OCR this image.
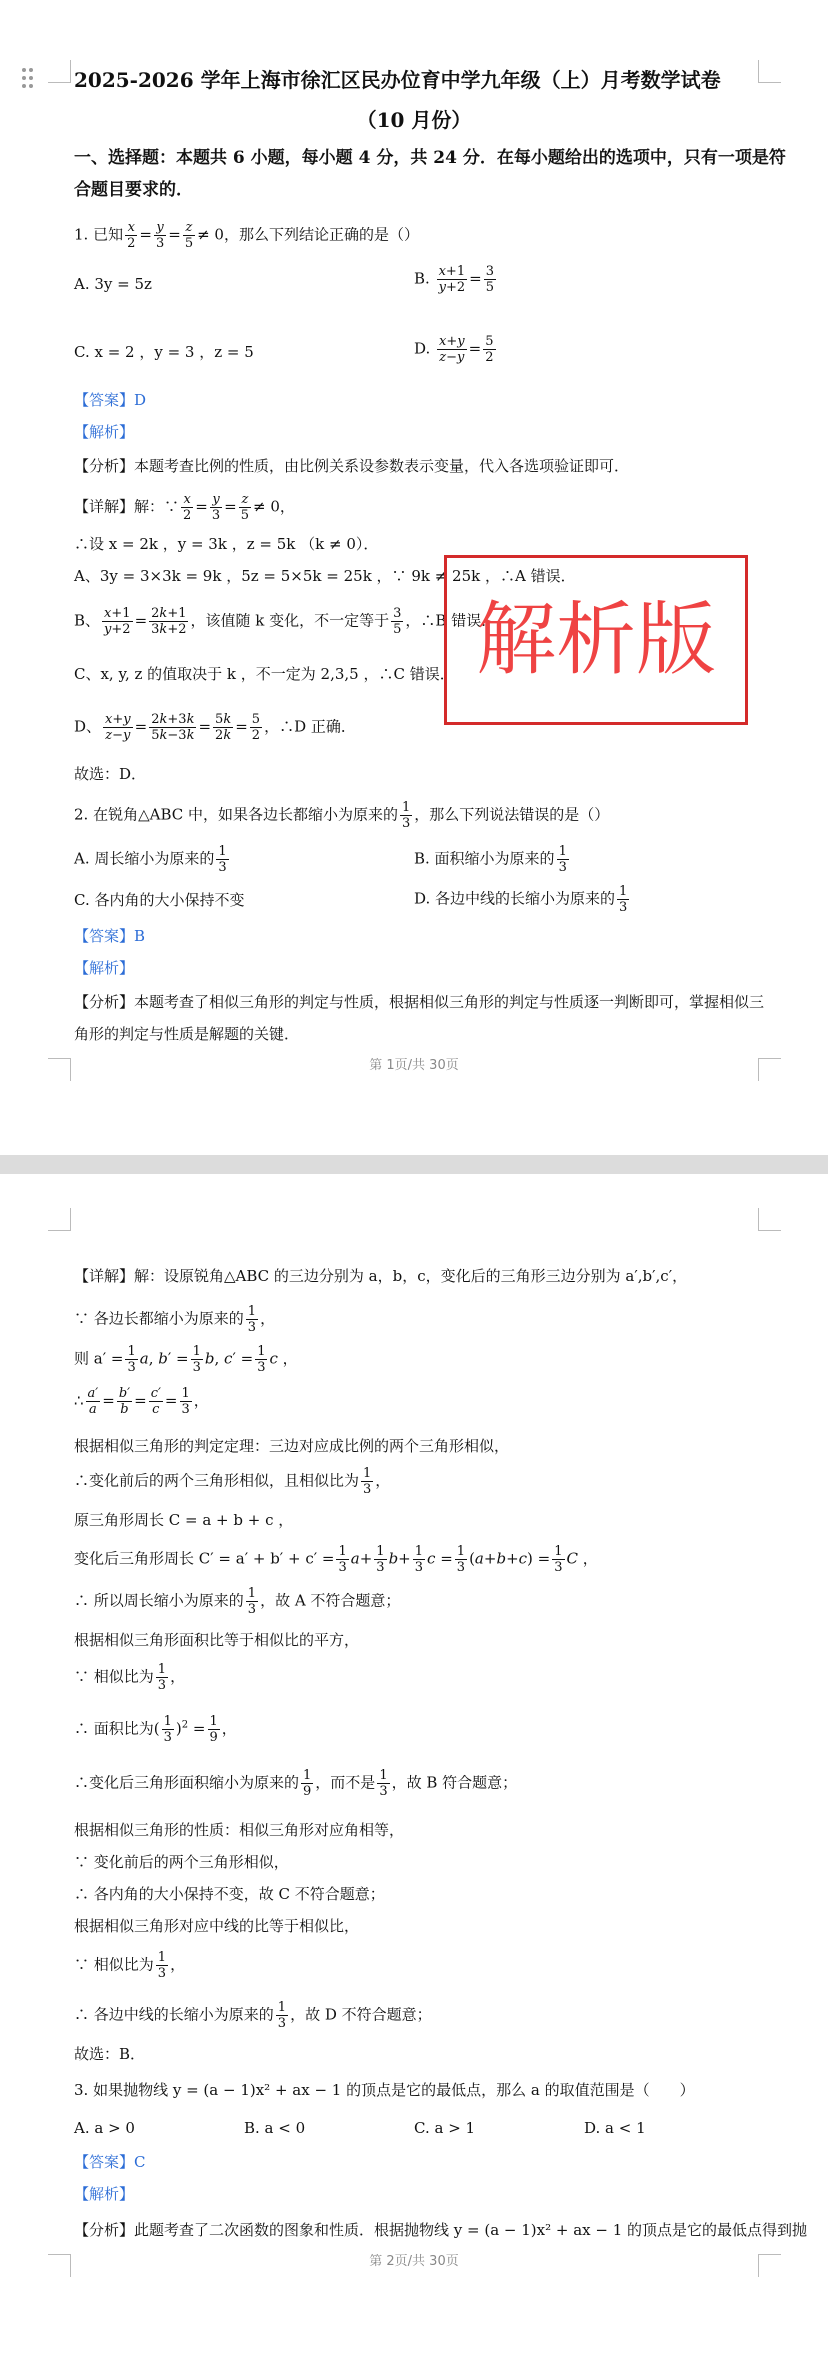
2025-2026 学年上海市徐汇区民办位育中学九年级（上）月考数学试卷
（10 月份）
一、选择题：本题共 6 小题，每小题 4 分，共 24 分．在每小题给出的选项中，只有一项是符
合题目要求的．
1. 已知 $\frac{x}{2} = \frac{y}{3} = \frac{z}{5} \ne 0$，那么下列结论正确的是（）
A. 3y = 5z	B. $\frac{x+1}{y+2} = \frac{3}{5}$
C. x = 2 ，y = 3 ，z = 5	D. $\frac{x+y}{z-y} = \frac{5}{2}$
【答案】D
【解析】
【分析】本题考查比例的性质，由比例关系设参数表示变量，代入各选项验证即可．
【详解】解：∵ $\frac{x}{2} = \frac{y}{3} = \frac{z}{5} \ne 0$，
∴设 x = 2k ，y = 3k ，z = 5k （k ≠ 0）．
A、3y = 3×3k = 9k ，5z = 5×5k = 25k ，∵ 9k ≠ 25k ，∴A 错误．
B、 $\frac{x+1}{y+2} = \frac{2k+1}{3k+2}$ ，该值随 k 变化，不一定等于 $\frac{3}{5}$ ，∴B 错误．
C、x, y, z 的值取决于 k ，不一定为 2,3,5 ，∴C 错误．
D、 $\frac{x+y}{z-y} = \frac{2k+3k}{5k-3k} = \frac{5k}{2k} = \frac{5}{2}$ ，∴D 正确．
故选：D．
2. 在锐角△ABC 中，如果各边长都缩小为原来的 $\frac{1}{3}$ ，那么下列说法错误的是（）
A. 周长缩小为原来的 $\frac{1}{3}$	B. 面积缩小为原来的 $\frac{1}{3}$
C. 各内角的大小保持不变	D. 各边中线的长缩小为原来的 $\frac{1}{3}$
【答案】B
【解析】
【分析】本题考查了相似三角形的判定与性质，根据相似三角形的判定与性质逐一判断即可，掌握相似三
角形的判定与性质是解题的关键．
第 1页/共 30页
解析版
【详解】解：设原锐角△ABC 的三边分别为 a，b，c，变化后的三角形三边分别为 a′,b′,c′，
∵ 各边长都缩小为原来的 $\frac{1}{3}$ ，
则 $a' = \frac{1}{3} a$, $b' = \frac{1}{3} b$, $c' = \frac{1}{3}$ c ，
∴ $\frac{a'}{a} = \frac{b'}{b} = \frac{c'}{c} = \frac{1}{3}$ ，
根据相似三角形的判定定理：三边对应成比例的两个三角形相似，
∴变化前后的两个三角形相似，且相似比为 $\frac{1}{3}$ ，
原三角形周长 C = a + b + c ，
变化后三角形周长 $C' = a' + b' + c' = \frac{1}{3} a+ \frac{1}{3} b+ \frac{1}{3}$ $c = \frac{1}{3} (a+b+c) = \frac{1}{3}$ C ，
∴ 所以周长缩小为原来的 $\frac{1}{3}$ ，故 A 不符合题意；
根据相似三角形面积比等于相似比的平方，
∵ 相似比为 $\frac{1}{3}$ ，
∴ 面积比为( $\frac{1}{3} )^2 = \frac{1}{9}$ ，
∴变化后三角形面积缩小为原来的 $\frac{1}{9}$ ，而不是 $\frac{1}{3}$ ，故 B 符合题意；
根据相似三角形的性质：相似三角形对应角相等，
∵ 变化前后的两个三角形相似，
∴ 各内角的大小保持不变，故 C 不符合题意；
根据相似三角形对应中线的比等于相似比，
∵ 相似比为 $\frac{1}{3}$ ，
∴ 各边中线的长缩小为原来的 $\frac{1}{3}$ ，故 D 不符合题意；
故选：B．
3. 如果抛物线 y = (a − 1)x² + ax − 1 的顶点是它的最低点，那么 a 的取值范围是（　　）
A. a > 0	B. a < 0	C. a > 1	D. a < 1
【答案】C
【解析】
【分析】此题考查了二次函数的图象和性质．根据抛物线 y = (a − 1)x² + ax − 1 的顶点是它的最低点得到抛
第 2页/共 30页
